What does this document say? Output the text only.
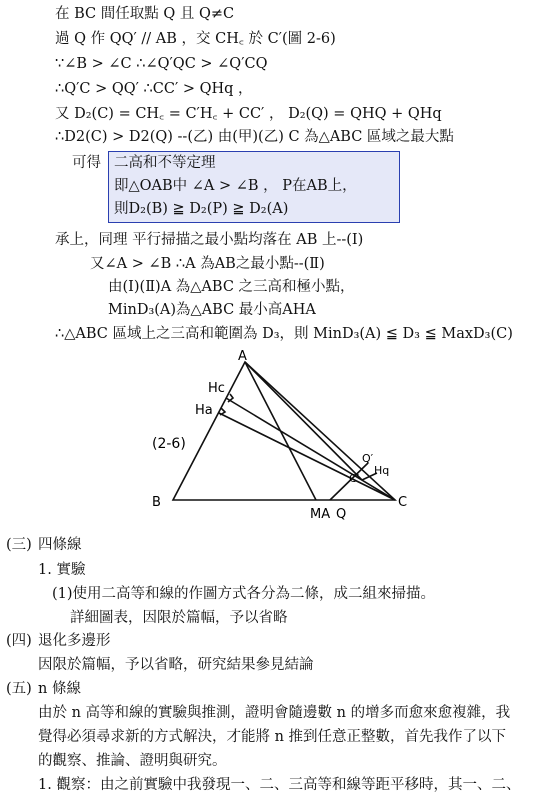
在 BC 間任取點 Q 且 Q≠C
過 Q 作 QQ′ // AB ，交 CH꜀ 於 C′(圖 2-6)
∵∠B > ∠C ∴∠Q′QC > ∠Q′CQ
∴Q′C > QQ′ ∴CC′ > QHq ，
又 D₂(C) = CH꜀ = C′H꜀ + CC′ ， D₂(Q) = QHQ + QHq
∴D2(C) > D2(Q) --(乙) 由(甲)(乙) C 為△ABC 區域之最大點
可得 二高和不等定理
即△OAB中 ∠A > ∠B ， P在AB上，
則D₂(B) ≧ D₂(P) ≧ D₂(A)
承上，同理 平行掃描之最小點均落在 AB 上--(Ⅰ)
又∠A > ∠B ∴A 為AB之最小點--(Ⅱ)
由(Ⅰ)(Ⅱ)A 為△ABC 之三高和極小點，
MinD₃(A)為△ABC 最小高AHA
∴△ABC 區域上之三高和範圍為 D₃，則 MinD₃(A) ≦ D₃ ≦ MaxD₃(C)
A
B	C
Hc
Ha
MA Q
Q′
C′
Hq
(2-6)
(三) 四條線
1. 實驗
(1)使用二高等和線的作圖方式各分為二條，成二組來掃描。
詳細圖表，因限於篇幅，予以省略
(四) 退化多邊形
因限於篇幅，予以省略，研究結果參見結論
(五) n 條線
由於 n 高等和線的實驗與推測，證明會隨邊數 n 的增多而愈來愈複雜，我
覺得必須尋求新的方式解決，才能將 n 推到任意正整數，首先我作了以下
的觀察、推論、證明與研究。
1. 觀察：由之前實驗中我發現一、二、三高等和線等距平移時，其一、二、
